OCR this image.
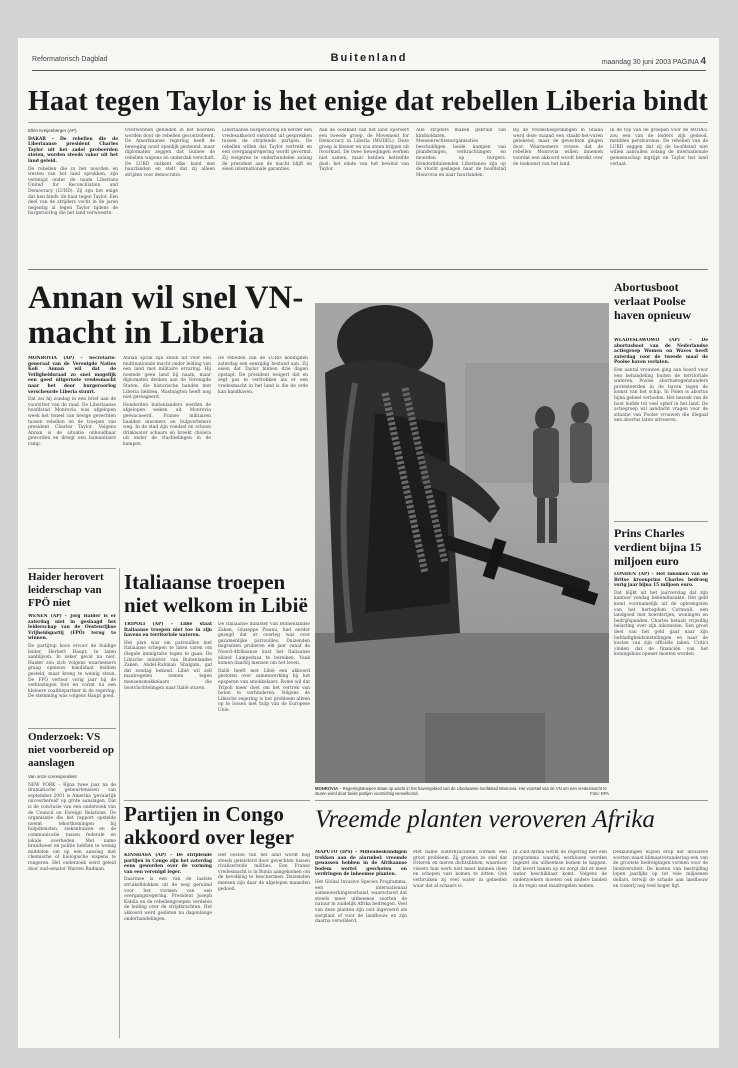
Reformatorisch Dagblad	Buitenland	maandag 30 juni 2003 PAGINA 4
Haat tegen Taylor is het enige dat rebellen Liberia bindt
Ellen Kreijenberger (AP)

DAKAR – De rebellen die de Liberiaanse president Charles Taylor uit het zadel probeerden stoten, worden steeds vaker uit het land geleid.

De rebellen die in het noorden en westen van het land oprukken, zijn verenigd onder de naam Liberians United for Reconciliation and Democracy (LURD). Zij zijn het enige dat hen bindt: de haat tegen Taylor. Een deel van de strijders vocht in de jaren negentig al tegen Taylor tijdens de burgeroorlog die het land verwoestte.

Overwonnen gebieden in het noorden worden door de rebellen gecontroleerd. De Amerikaanse regering heeft de beweging nooit openlijk gesteund, maar diplomaten zeggen dat Guinee de rebellen wapens en onderdak verschaft. De LURD ontkent elke band met buurlanden en stelt dat zij alleen strijden voor democratie.

Libertaanse burgeroorlog en eerder een vredesakkoord ontstond uit gesprekken tussen de strijdende partijen. De rebellen willen dat Taylor vertrekt en een overgangsregering wordt gevormd. Zij weigeren te onderhandelen zolang de president aan de macht blijft en eisen internationale garanties.

Aan de oostkant van het land opereert een tweede groep, de Movement for Democracy in Liberia (MODEL). Deze groep is kleiner en zou steun krijgen uit Ivoorkust. De twee bewegingen werken niet samen, maar hebben hetzelfde doel: het einde van het bewind van Taylor.

Alle strijders maken gebruik van kindsoldaten. Mensenrechtenorganisaties beschuldigen beide kampen van plunderingen, verkrachtingen en moorden op burgers. Honderdduizenden Liberianen zijn op de vlucht geslagen naar de hoofdstad Monrovia en naar buurlanden.

Bij de vredesbesprekingen in Ghana werd deze maand een staakt-het-vuren getekend, maar de gevechten gingen door. Waarnemers vrezen dat de rebellen Monrovia willen innemen voordat een akkoord wordt bereikt over de toekomst van het land.

In de top van de groepen voor de MODEL zou een van de leiders zijn gedood, meldden persbureaus. De rebellen van de LURD zeggen dat zij de hoofdstad niet willen aanvallen zolang de internationale gemeenschap ingrijpt en Taylor het land verlaat.

Annan wil snel VN-macht in Liberia

MONROVIA (AP) – Secretaris-generaal van de Verenigde Naties Kofi Annan wil dat de Veiligheidsraad zo snel mogelijk een goed uitgeruste vredesmacht naar het door burgeroorlog verscheurde Liberia stuurt.

Dat zei hij zondag in een brief aan de voorzitter van de raad. De Liberiaanse hoofdstad Monrovia was afgelopen week het toneel van hevige gevechten tussen rebellen en de troepen van president Charles Taylor. Volgens Annan is de situatie onhoudbaar geworden en dreigt een humanitaire ramp.

Annan sprak zijn steun uit voor een multinationale macht onder leiding van een land met militaire ervaring. Hij noemde geen land bij naam, maar diplomaten denken aan de Verenigde Staten, die historische banden met Liberia hebben. Washington heeft nog niet gereageerd.

Honderden buitenlanders werden de afgelopen weken uit Monrovia geëvacueerd. Franse militairen haalden inwoners en hulpverleners weg. In de stad zijn voedsel en schoon drinkwater schaars en breekt cholera uit onder de vluchtelingen in de kampen.

De rebellen van de LURD kondigden zaterdag een eenzijdig bestand aan. Zij eisen dat Taylor binnen drie dagen opstapt. De president weigert dat en zegt pas te vertrekken als er een vredesmacht in het land is die de orde kan handhaven.

MONROVIA – Regeringstroepen staan op wacht in het havengebied van de Liberiaanse hoofdstad Monrovia. Het voorstel van de VN om een vredesmacht te sturen werd door beide partijen voorzichtig verwelkomd.	Foto: EPA
Abortusboot verlaat Poolse haven opnieuw

WLADYSLAWOWO (AP) – De abortusboot van de Nederlandse actiegroep Women on Waves heeft zaterdag voor de tweede maal de Poolse haven verlaten.

Een aantal vrouwen ging aan boord voor een behandeling buiten de territoriale wateren. Poolse abortustegenstanders protesteerden in de haven tegen de komst van het schip. In Polen is abortus bijna geheel verboden. Het bezoek van de boot leidde tot veel ophef in het land. De actiegroep wil aandacht vragen voor de situatie van Poolse vrouwen die illegaal een abortus laten uitvoeren.

Prins Charles verdient bijna 15 miljoen euro

LONDEN (AP) – Het inkomen van de Britse kroonprins Charles bedroeg vorig jaar bijna 15 miljoen euro.

Dat blijkt uit het jaarverslag dat zijn kantoor zondag bekendmaakte. Het geld komt voornamelijk uit de opbrengsten van het hertogdom Cornwall, een landgoed met boerderijen, woningen en bedrijfspanden. Charles betaalt vrijwillig belasting over zijn inkomsten. Een groot deel van het geld gaat naar zijn liefdadigheidsinstellingen en naar de kosten van zijn officiële taken. Critici vinden dat de financiën van het koningshuis opener moeten worden.

Haider herovert leiderschap van FPÖ niet

WENEN (AP) – Jörg Haider is er zaterdag niet in geslaagd het leiderschap van de Oostenrijkse Vrijheidspartij (FPÖ) terug te winnen.

De partijtop koos ervoor de huidige leider, Herbert Haupt, te laten aanblijven. In zeker geval nu niet. Haider zou zich volgens waarnemers graag opnieuw kandidaat hebben gesteld, maar kreeg te weinig steun. De FPÖ verloor vorig jaar bij de verkiezingen fors en vormt nu een kleinere coalitiepartner in de regering. De stemming was volgens Haupt goed.

Onderzoek: VS niet voorbereid op aanslagen
Van onze correspondent

NEW YORK – Bijna twee jaar na de dramatische gebeurtenissen van september 2001 is Amerika 'gevaarlijk onvoorbereid' op grote aanslagen. Dat is de conclusie van een onderzoek van de Council on Foreign Relations. De organisatie die het rapport opstelde noemt tekortkomingen bij hulpdiensten, ziekenhuizen en de communicatie tussen federale en lokale overheden. Met name brandweer en politie hebben te weinig middelen om op een aanslag met chemische of biologische wapens te reageren. Het onderzoek werd geleid door oud-senator Warren Rudman.

Italiaanse troepen niet welkom in Libië

TRIPOLI (AP) – Libië staat Italiaanse troepen niet toe in zijn havens en territoriale wateren.

Het plan was om patrouilles met Italiaanse schepen te laten varen om illegale immigratie tegen te gaan. De Libische minister van Buitenlandse Zaken, Abdel-Rahman Shalgam, gaf dat zondag bekend. Libië wil zelf maatregelen nemen tegen mensensmokkelaars die bootvluchtelingen naar Italië sturen.

De Italiaanse minister van Binnenlandse Zaken, Giuseppe Pisanu, had eerder gezegd dat er overleg was over gezamenlijke patrouilles. Duizenden migranten proberen elk jaar vanaf de Noord-Afrikaanse kust het Italiaanse eiland Lampedusa te bereiken. Vaak komen daarbij mensen om het leven.

Italië heeft met Libië een akkoord gesloten over samenwerking bij het opsporen van smokkelaars. Rome wil dat Tripoli meer doet om het vertrek van boten te verhinderen. Volgens de Libische regering is het probleem alleen op te lossen met hulp van de Europese Unie.

Partijen in Congo akkoord over leger

KINSHASA (AP) – De strijdende partijen in Congo zijn het zaterdag eens geworden over de vorming van een verenigd leger.

Daarmee is een van de laatste struikelblokken uit de weg geruimd voor het vormen van een overgangsregering. President Joseph Kabila en de rebellengroepen verdelen de leiding over de strijdkrachten. Het akkoord werd gesloten na dagenlange onderhandelingen.

Het oosten van het land wordt nog steeds geteisterd door gevechten tussen rivaliserende milities. Een Franse vredesmacht is in Bunia aangekomen om de bevolking te beschermen. Duizenden mensen zijn daar de afgelopen maanden gedood.

Vreemde planten veroveren Afrika

MAPUTO (IPS) – Milieudeskundigen trekken aan de alarmbel: vreemde gewassen hebben in de Afrikaanse bodem wortel geschoten en verdringen de inheemse planten.

Het Global Invasive Species Programma, een internationaal samenwerkingsverband, waarschuwt dat steeds meer uitheemse soorten de natuur in zuidelijk Afrika bedreigen. Veel van deze planten zijn ooit ingevoerd als sierplant of voor de landbouw en zijn daarna verwilderd.

Met name waterhyacinten vormen een groot probleem. Zij groeien zo snel dat rivieren en meren dichtslibben, waardoor vissers hun werk niet meer kunnen doen en schepen vast komen te zitten. Ook verbruiken zij veel water in gebieden waar dat al schaars is.

In Zuid-Afrika werkt de regering met een programma waarbij werklozen worden ingezet om uitheemse bomen te kappen. Dat levert banen op en zorgt dat er meer water beschikbaar komt. Volgens de onderzoekers moeten ook andere landen in de regio snel maatregelen nemen.

Deskundigen wijzen erop dat invasieve soorten naast klimaatverandering een van de grootste bedreigingen vormen voor de biodiversiteit. De kosten van bestrijding lopen jaarlijks op tot vele miljoenen dollars, terwijl de schade aan landbouw en visserij nog veel hoger ligt.
